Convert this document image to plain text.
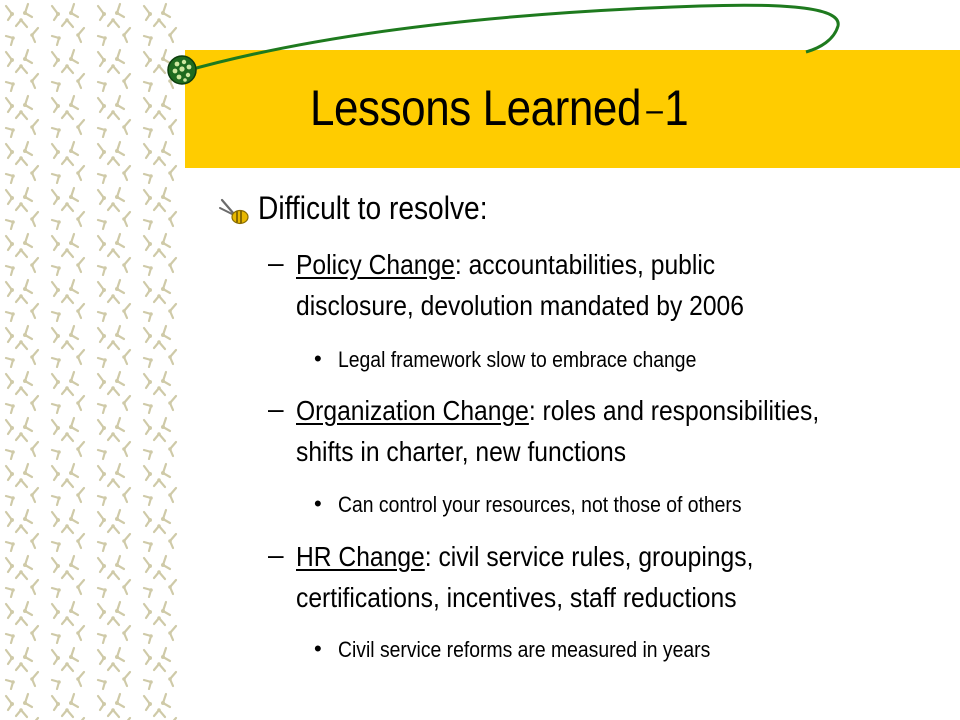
Lessons Learned –1
Difficult to resolve:
– Policy Change: accountabilities, public
disclosure, devolution mandated by 2006
• Legal framework slow to embrace change
– Organization Change: roles and responsibilities,
shifts in charter, new functions
• Can control your resources, not those of others
– HR Change: civil service rules, groupings,
certifications, incentives, staff reductions
• Civil service reforms are measured in years
